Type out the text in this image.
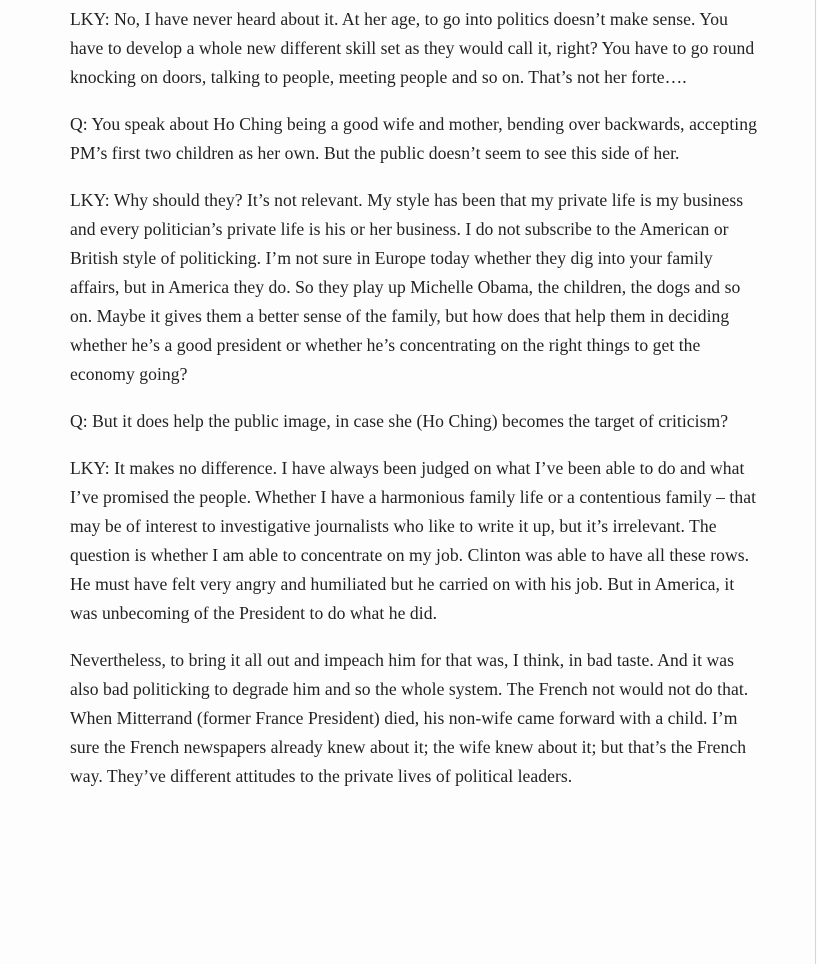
LKY: No, I have never heard about it. At her age, to go into politics doesn’t make sense. You have to develop a whole new different skill set as they would call it, right? You have to go round knocking on doors, talking to people, meeting people and so on. That’s not her forte….

Q: You speak about Ho Ching being a good wife and mother, bending over backwards, accepting PM’s first two children as her own. But the public doesn’t seem to see this side of her.

LKY: Why should they? It’s not relevant. My style has been that my private life is my business and every politician’s private life is his or her business. I do not subscribe to the American or British style of politicking. I’m not sure in Europe today whether they dig into your family affairs, but in America they do. So they play up Michelle Obama, the children, the dogs and so on. Maybe it gives them a better sense of the family, but how does that help them in deciding whether he’s a good president or whether he’s concentrating on the right things to get the economy going?

Q: But it does help the public image, in case she (Ho Ching) becomes the target of criticism?

LKY: It makes no difference. I have always been judged on what I’ve been able to do and what I’ve promised the people. Whether I have a harmonious family life or a contentious family – that may be of interest to investigative journalists who like to write it up, but it’s irrelevant. The question is whether I am able to concentrate on my job. Clinton was able to have all these rows. He must have felt very angry and humiliated but he carried on with his job. But in America, it was unbecoming of the President to do what he did.

Nevertheless, to bring it all out and impeach him for that was, I think, in bad taste. And it was also bad politicking to degrade him and so the whole system. The French not would not do that. When Mitterrand (former France President) died, his non-wife came forward with a child. I’m sure the French newspapers already knew about it; the wife knew about it; but that’s the French way. They’ve different attitudes to the private lives of political leaders.
